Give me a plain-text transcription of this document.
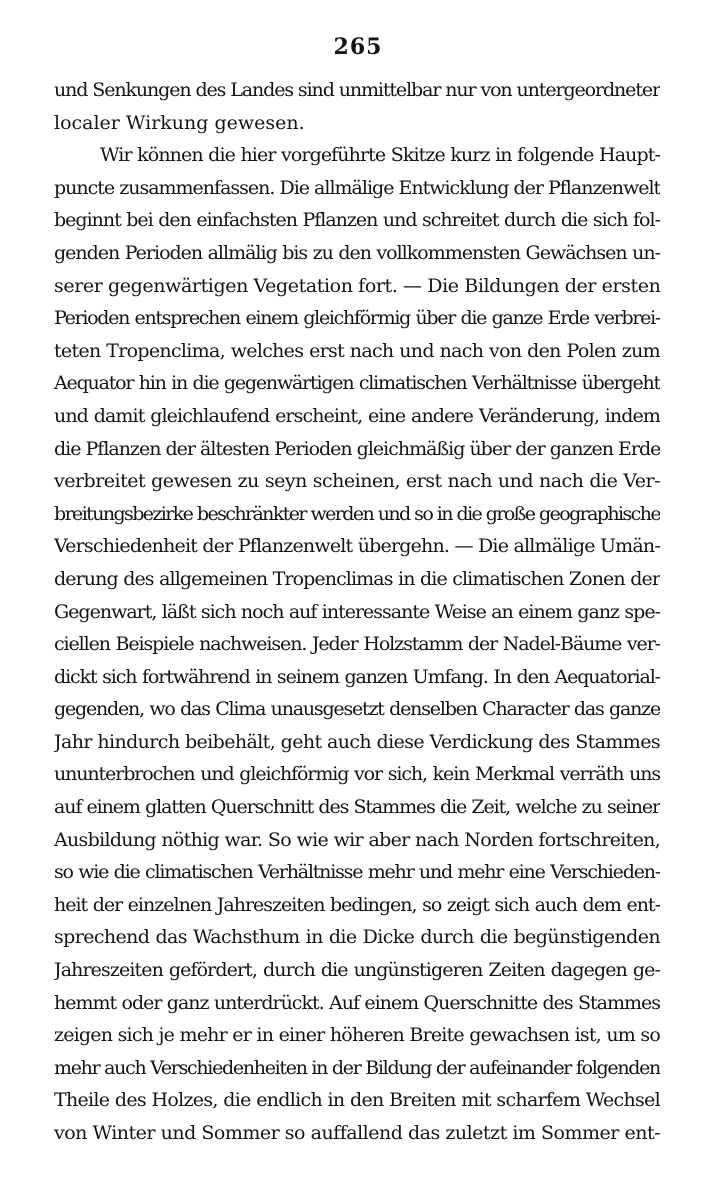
265
und Senkungen des Landes sind unmittelbar nur von untergeordneter
localer Wirkung gewesen.
Wir können die hier vorgeführte Skitze kurz in folgende Haupt-
puncte zusammenfassen. Die allmälige Entwicklung der Pflanzenwelt
beginnt bei den einfachsten Pflanzen und schreitet durch die sich fol-
genden Perioden allmälig bis zu den vollkommensten Gewächsen un-
serer gegenwärtigen Vegetation fort. — Die Bildungen der ersten
Perioden entsprechen einem gleichförmig über die ganze Erde verbrei-
teten Tropenclima, welches erst nach und nach von den Polen zum
Aequator hin in die gegenwärtigen climatischen Verhältnisse übergeht
und damit gleichlaufend erscheint, eine andere Veränderung, indem
die Pflanzen der ältesten Perioden gleichmäßig über der ganzen Erde
verbreitet gewesen zu seyn scheinen, erst nach und nach die Ver-
breitungsbezirke beschränkter werden und so in die große geographische
Verschiedenheit der Pflanzenwelt übergehn. — Die allmälige Umän-
derung des allgemeinen Tropenclimas in die climatischen Zonen der
Gegenwart, läßt sich noch auf interessante Weise an einem ganz spe-
ciellen Beispiele nachweisen. Jeder Holzstamm der Nadel-Bäume ver-
dickt sich fortwährend in seinem ganzen Umfang. In den Aequatorial-
gegenden, wo das Clima unausgesetzt denselben Character das ganze
Jahr hindurch beibehält, geht auch diese Verdickung des Stammes
ununterbrochen und gleichförmig vor sich, kein Merkmal verräth uns
auf einem glatten Querschnitt des Stammes die Zeit, welche zu seiner
Ausbildung nöthig war. So wie wir aber nach Norden fortschreiten,
so wie die climatischen Verhältnisse mehr und mehr eine Verschieden-
heit der einzelnen Jahreszeiten bedingen, so zeigt sich auch dem ent-
sprechend das Wachsthum in die Dicke durch die begünstigenden
Jahreszeiten gefördert, durch die ungünstigeren Zeiten dagegen ge-
hemmt oder ganz unterdrückt. Auf einem Querschnitte des Stammes
zeigen sich je mehr er in einer höheren Breite gewachsen ist, um so
mehr auch Verschiedenheiten in der Bildung der aufeinander folgenden
Theile des Holzes, die endlich in den Breiten mit scharfem Wechsel
von Winter und Sommer so auffallend das zuletzt im Sommer ent-
